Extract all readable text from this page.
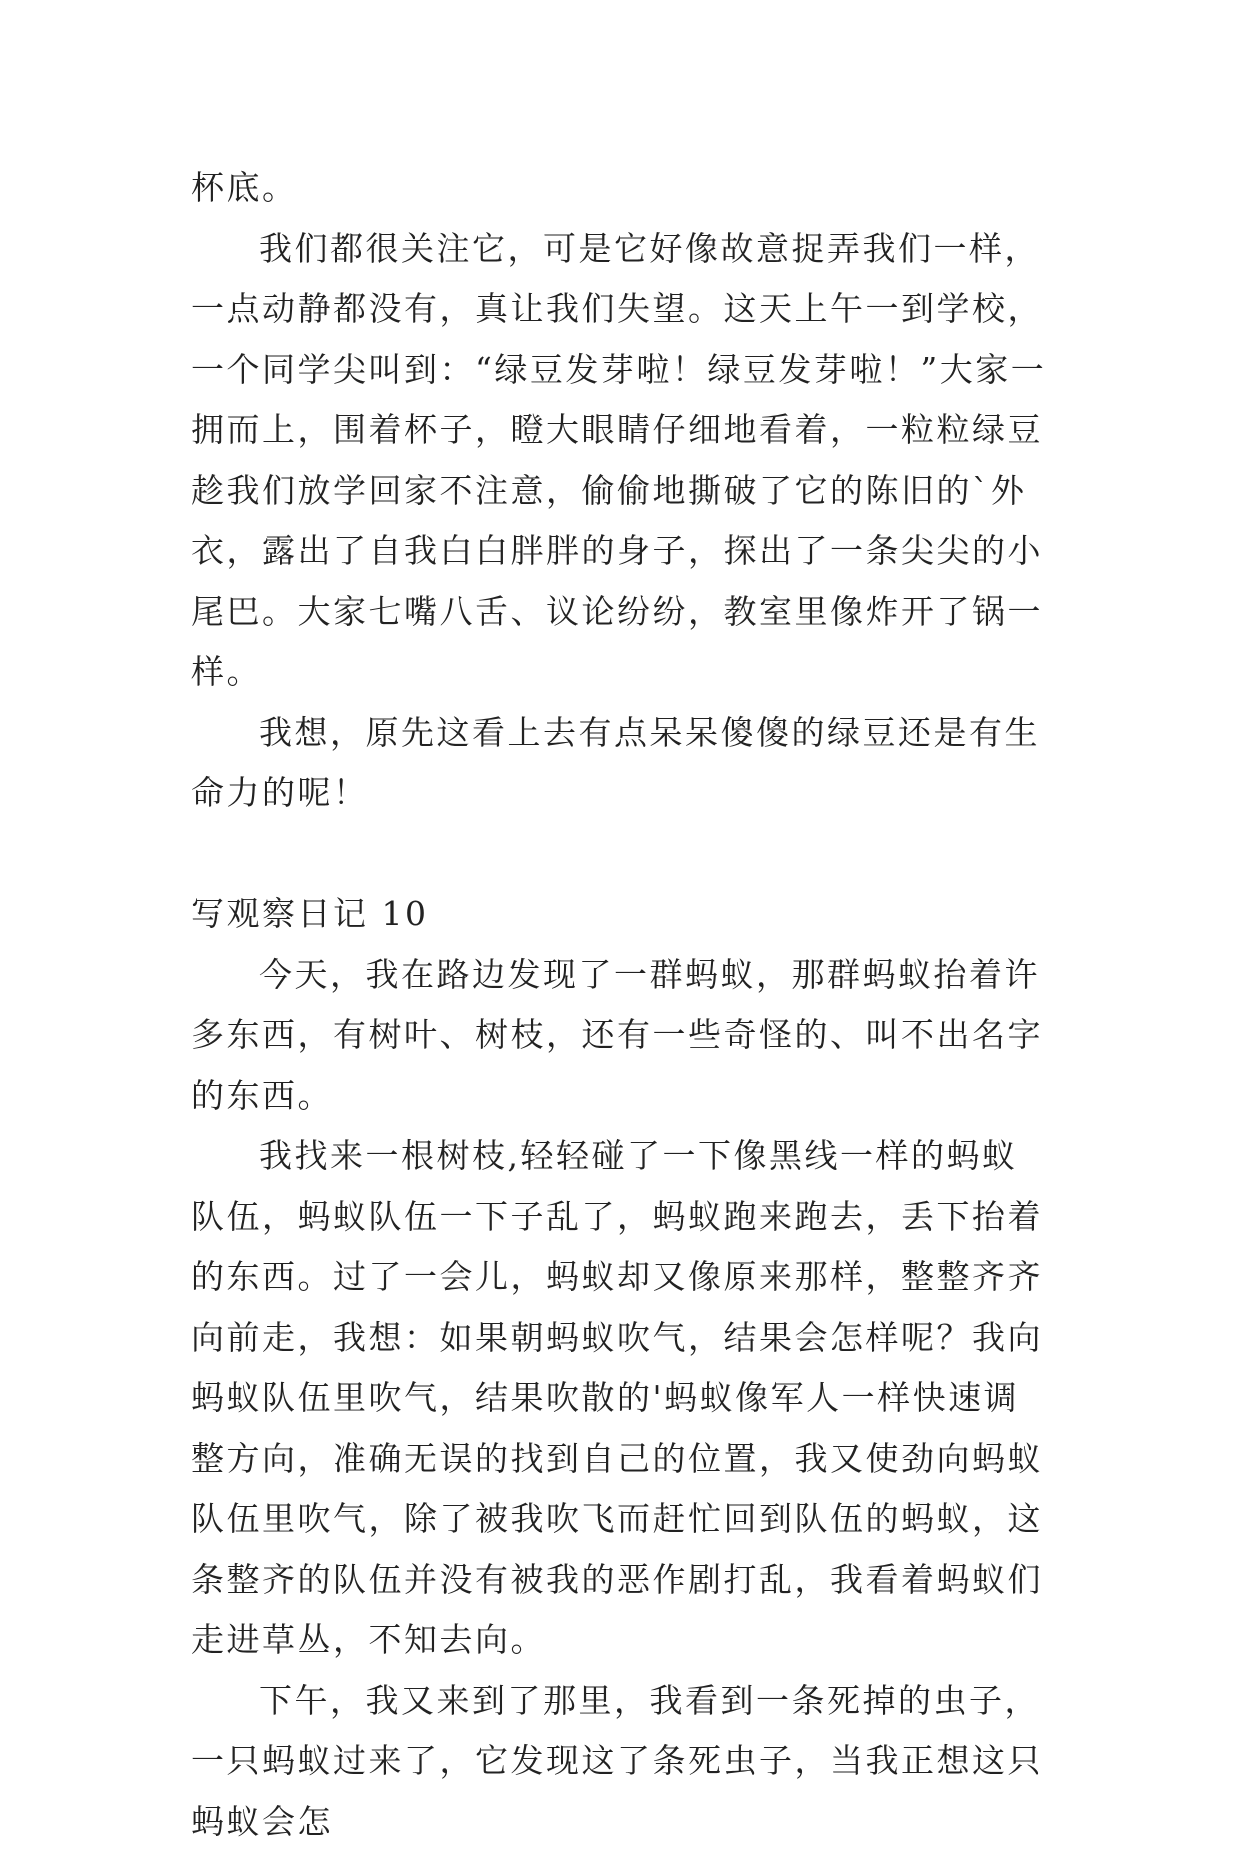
杯底。

我们都很关注它，可是它好像故意捉弄我们一样，一点动静都没有，真让我们失望。这天上午一到学校，一个同学尖叫到：“绿豆发芽啦！绿豆发芽啦！”大家一拥而上，围着杯子，瞪大眼睛仔细地看着，一粒粒绿豆趁我们放学回家不注意，偷偷地撕破了它的陈旧的`外衣，露出了自我白白胖胖的身子，探出了一条尖尖的小尾巴。大家七嘴八舌、议论纷纷，教室里像炸开了锅一样。

我想，原先这看上去有点呆呆傻傻的绿豆还是有生命力的呢！

写观察日记 10

今天，我在路边发现了一群蚂蚁，那群蚂蚁抬着许多东西，有树叶、树枝，还有一些奇怪的、叫不出名字的东西。

我找来一根树枝,轻轻碰了一下像黑线一样的蚂蚁队伍，蚂蚁队伍一下子乱了，蚂蚁跑来跑去，丢下抬着的东西。过了一会儿，蚂蚁却又像原来那样，整整齐齐向前走，我想：如果朝蚂蚁吹气，结果会怎样呢？我向蚂蚁队伍里吹气，结果吹散的'蚂蚁像军人一样快速调整方向，准确无误的找到自己的位置，我又使劲向蚂蚁队伍里吹气，除了被我吹飞而赶忙回到队伍的蚂蚁，这条整齐的队伍并没有被我的恶作剧打乱，我看着蚂蚁们走进草丛，不知去向。

下午，我又来到了那里，我看到一条死掉的虫子，一只蚂蚁过来了，它发现这了条死虫子，当我正想这只蚂蚁会怎
